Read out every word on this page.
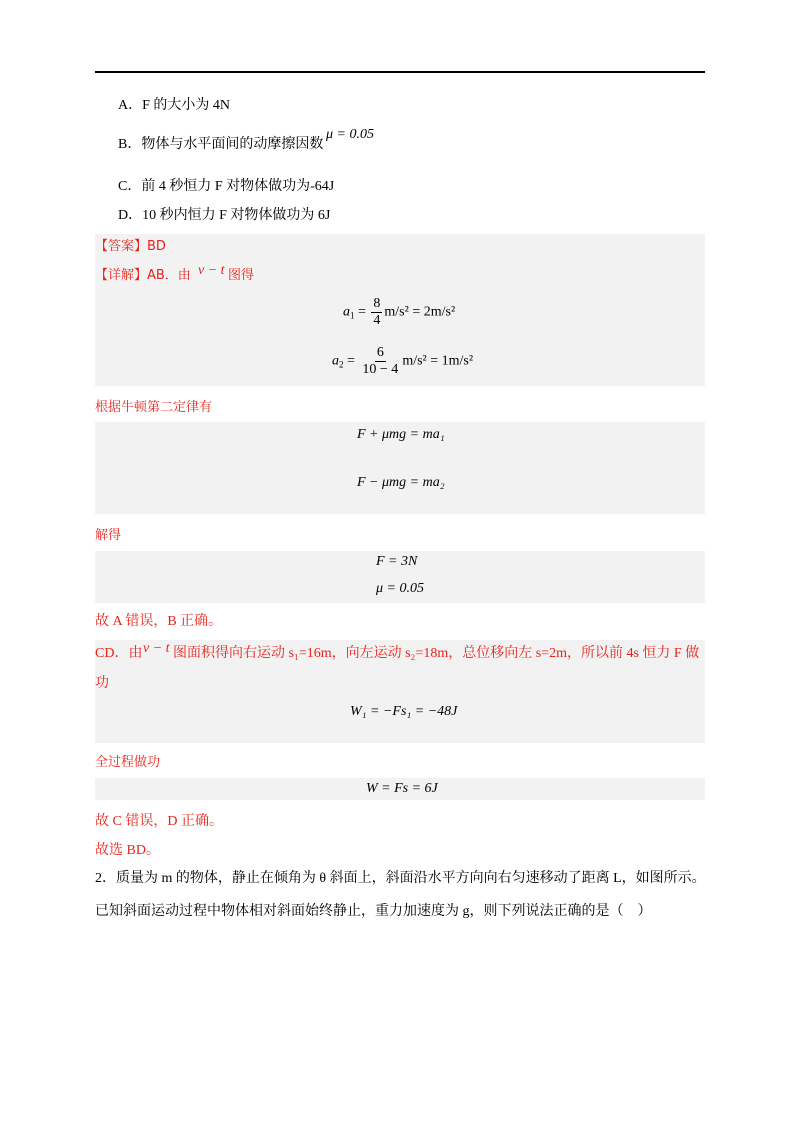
A．F 的大小为 4N
B．物体与水平面间的动摩擦因数
μ = 0.05
C．前 4 秒恒力 F 对物体做功为-64J
D．10 秒内恒力 F 对物体做功为 6J
【答案】BD
【详解】AB．由 v − t 图得
$a_1 = \frac{8}{4} m/s^2 = 2m/s^2$
$a_2 = \frac{6}{10 - 4} m/s^2 = 1m/s^2$
根据牛顿第二定律有
F + μmg = ma₁
F − μmg = ma₂
解得
F = 3N
μ = 0.05
故 A 错误，B 正确。
CD．由 v − t 图面积得向右运动 s₁=16m，向左运动 s₂=18m，总位移向左 s=2m，所以前 4s 恒力 F 做
功
W₁ = −Fs₁ = −48J
全过程做功
W = Fs = 6J
故 C 错误，D 正确。
故选 BD。
2．质量为 m 的物体，静止在倾角为 θ 斜面上，斜面沿水平方向向右匀速移动了距离 L，如图所示。
已知斜面运动过程中物体相对斜面始终静止，重力加速度为 g，则下列说法正确的是（　）
